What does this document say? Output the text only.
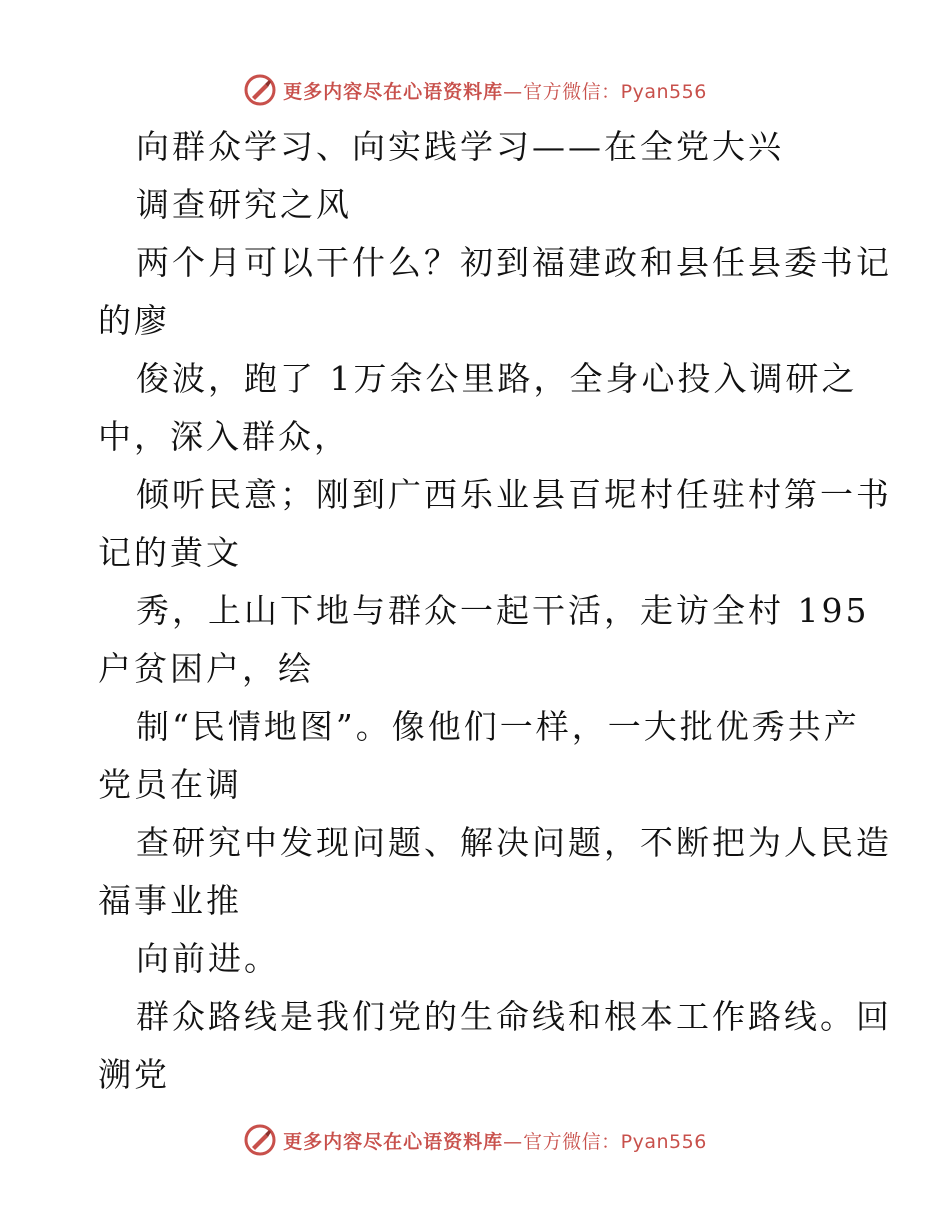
更多内容尽在心语资料库—官方微信：Pyan556
向群众学习、向实践学习——在全党大兴
调查研究之风
两个月可以干什么？初到福建政和县任县委书记
的廖
俊波，跑了 1万余公里路，全身心投入调研之
中，深入群众，
倾听民意；刚到广西乐业县百坭村任驻村第一书
记的黄文
秀，上山下地与群众一起干活，走访全村 195
户贫困户，绘
制“民情地图”。像他们一样，一大批优秀共产
党员在调
查研究中发现问题、解决问题，不断把为人民造
福事业推
向前进。
群众路线是我们党的生命线和根本工作路线。回
溯党
更多内容尽在心语资料库—官方微信：Pyan556
